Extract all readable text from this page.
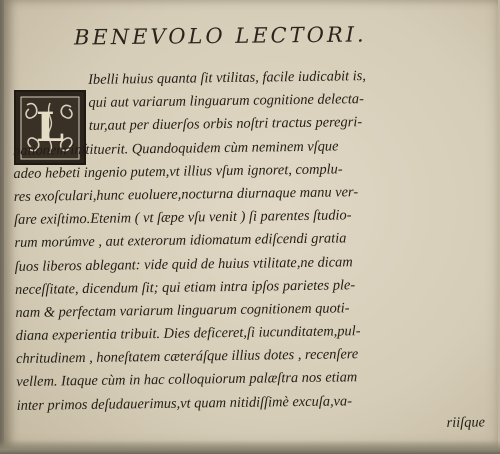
BENEVOLO LECTORI.
L
Ibelli huius quanta ſit vtilitas, facile iudicabit is,
qui aut variarum linguarum cognitione delecta-
tur,aut per diuerſos orbis noſtri tractus peregri-
nationem inſtituerit. Quandoquidem cùm neminem vſque
adeo hebeti ingenio putem,vt illius vſum ignoret, complu-
res exoſculari,hunc euoluere,nocturna diurnaque manu ver-
ſare exiſtimo.Etenim ( vt ſæpe vſu venit ) ſi parentes ſtudio-
rum morúmve , aut exterorum idiomatum ediſcendi gratia
ſuos liberos ablegant: vide quid de huius vtilitate,ne dicam
neceſſitate, dicendum ſit; qui etiam intra ipſos parietes ple-
nam & perfectam variarum linguarum cognitionem quoti-
diana experientia tribuit. Dies deficeret,ſi iucunditatem,pul-
chritudinem , honeſtatem cæteráſque illius dotes , recenſere
vellem. Itaque cùm in hac colloquiorum palæſtra nos etiam
inter primos deſudauerimus,vt quam nitidiſſimè excuſa,va-
riiſque
